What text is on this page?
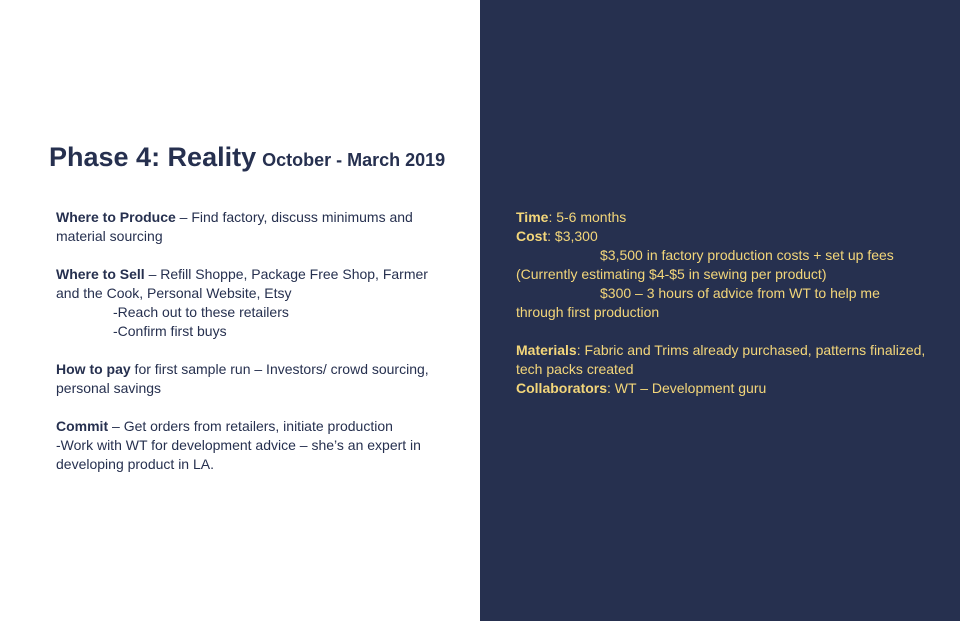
Phase 4: Reality October - March 2019

Where to Produce – Find factory, discuss minimums and material sourcing

Where to Sell – Refill Shoppe, Package Free Shop, Farmer and the Cook, Personal Website, Etsy

-Reach out to these retailers

-Confirm first buys

How to pay for first sample run – Investors/ crowd sourcing, personal savings

Commit – Get orders from retailers, initiate production

-Work with WT for development advice – she’s an expert in developing product in LA.

Time: 5-6 months

Cost: $3,300

$3,500 in factory production costs + set up fees

(Currently estimating $4-$5 in sewing per product)

$300 – 3 hours of advice from WT to help me

through first production

Materials: Fabric and Trims already purchased, patterns finalized, tech packs created

Collaborators: WT – Development guru
